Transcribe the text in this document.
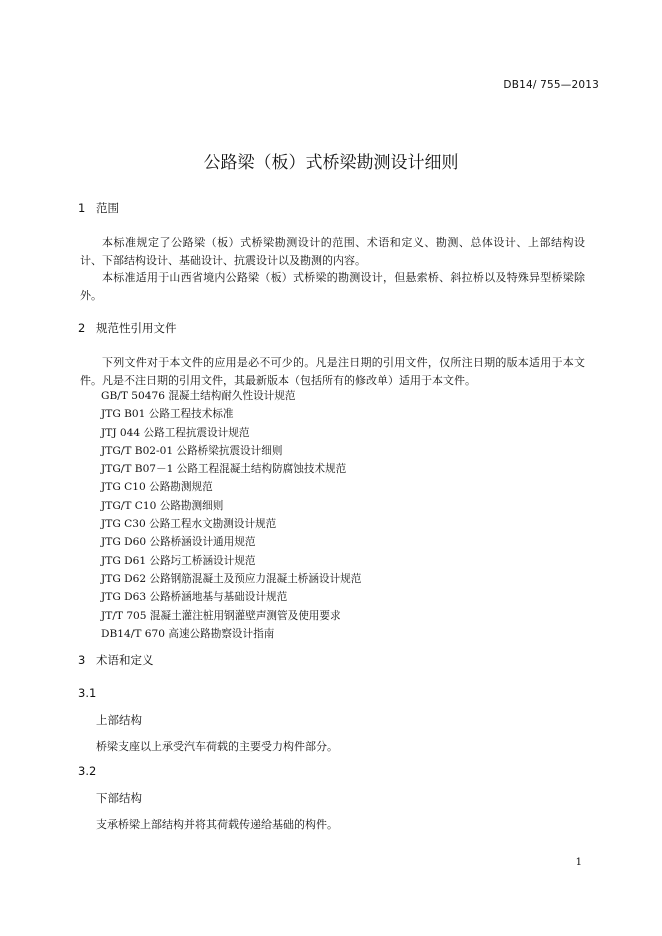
DB14/ 755—2013
公路梁（板）式桥梁勘测设计细则
1 范围
本标准规定了公路梁（板）式桥梁勘测设计的范围、术语和定义、勘测、总体设计、上部结构设计、下部结构设计、基础设计、抗震设计以及勘测的内容。
本标准适用于山西省境内公路梁（板）式桥梁的勘测设计，但悬索桥、斜拉桥以及特殊异型桥梁除外。
2 规范性引用文件
下列文件对于本文件的应用是必不可少的。凡是注日期的引用文件，仅所注日期的版本适用于本文件。凡是不注日期的引用文件，其最新版本（包括所有的修改单）适用于本文件。
GB/T 50476 混凝土结构耐久性设计规范
JTG B01 公路工程技术标准
JTJ 044 公路工程抗震设计规范
JTG/T B02-01 公路桥梁抗震设计细则
JTG/T B07－1 公路工程混凝土结构防腐蚀技术规范
JTG C10 公路勘测规范
JTG/T C10 公路勘测细则
JTG C30 公路工程水文勘测设计规范
JTG D60 公路桥涵设计通用规范
JTG D61 公路圬工桥涵设计规范
JTG D62 公路钢筋混凝土及预应力混凝土桥涵设计规范
JTG D63 公路桥涵地基与基础设计规范
JT/T 705 混凝土灌注桩用钢灌壁声测管及使用要求
DB14/T 670 高速公路勘察设计指南
3 术语和定义
3.1
上部结构
桥梁支座以上承受汽车荷载的主要受力构件部分。
3.2
下部结构
支承桥梁上部结构并将其荷载传递给基础的构件。
1
